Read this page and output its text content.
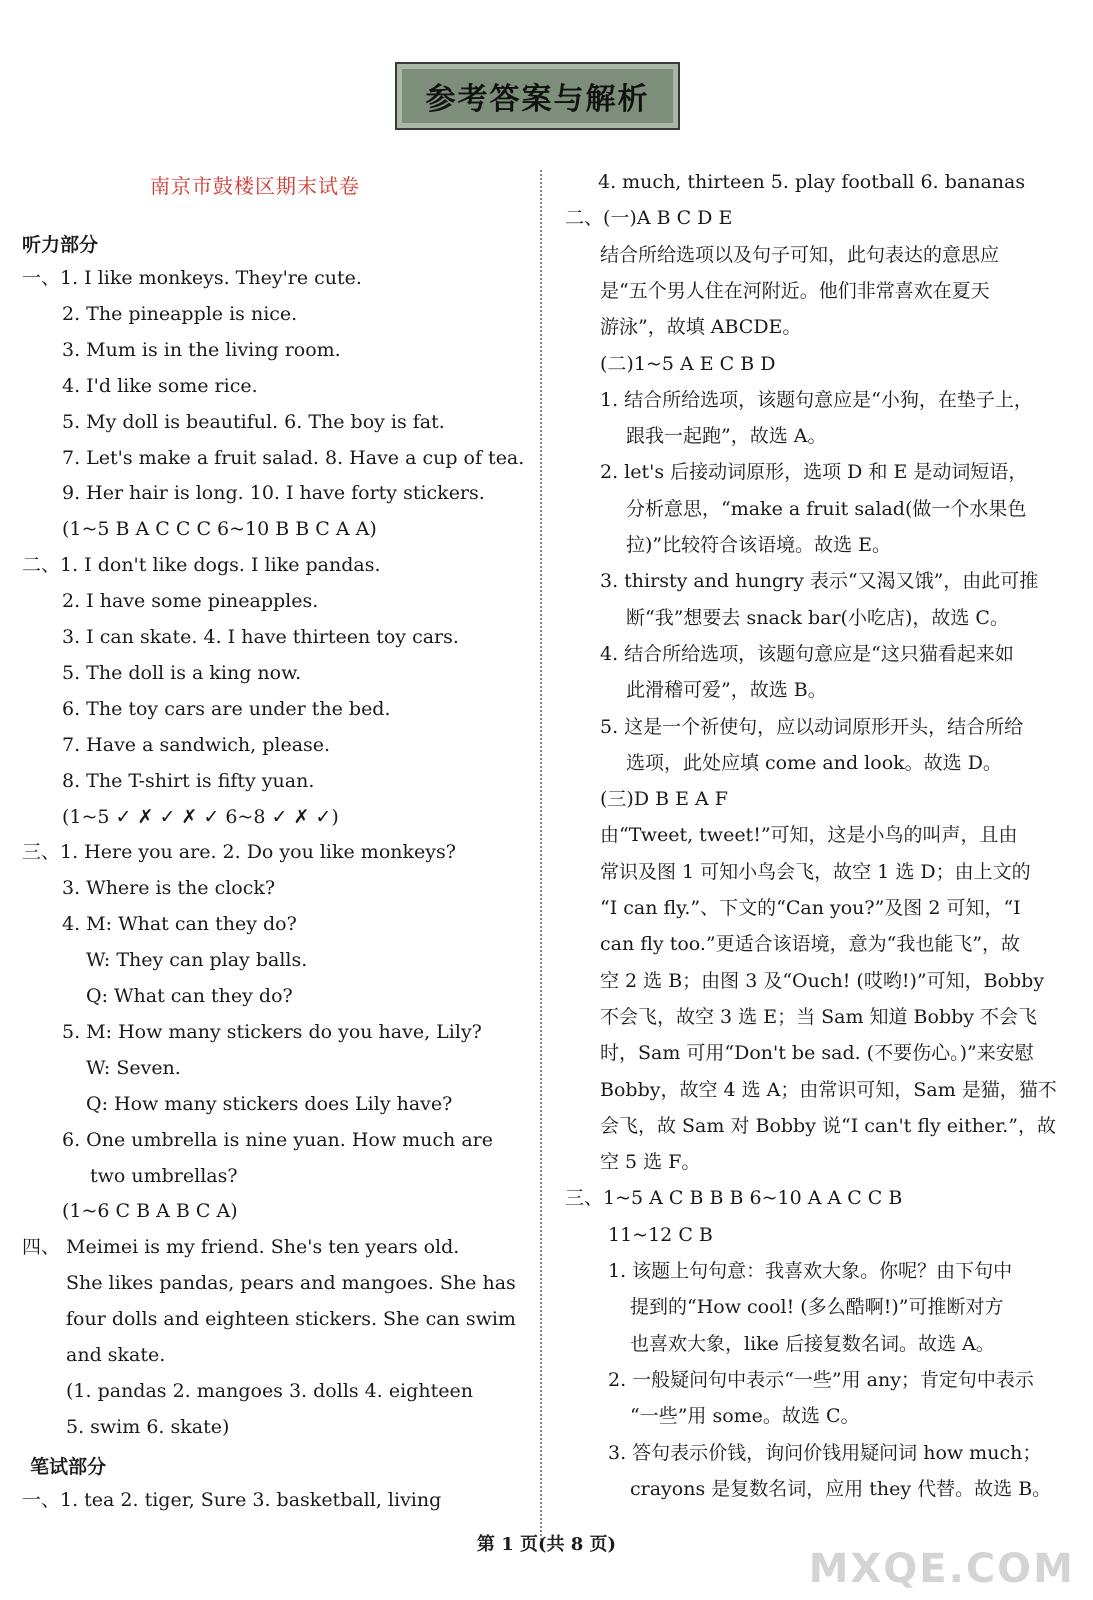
参考答案与解析
南京市鼓楼区期末试卷
听力部分
笔试部分
一、1. tea 2. tiger, Sure 3. basketball, living
一、1. I like monkeys. They're cute.
2. The pineapple is nice.
3. Mum is in the living room.
4. I'd like some rice.
5. My doll is beautiful. 6. The boy is fat.
7. Let's make a fruit salad. 8. Have a cup of tea.
9. Her hair is long. 10. I have forty stickers.
(1~5 B A C C C 6~10 B B C A A)
二、1. I don't like dogs. I like pandas.
2. I have some pineapples.
3. I can skate. 4. I have thirteen toy cars.
5. The doll is a king now.
6. The toy cars are under the bed.
7. Have a sandwich, please.
8. The T-shirt is fifty yuan.
(1~5 ✓ ✗ ✓ ✗ ✓ 6~8 ✓ ✗ ✓)
三、1. Here you are. 2. Do you like monkeys?
3. Where is the clock?
4. M: What can they do?
W: They can play balls.
Q: What can they do?
5. M: How many stickers do you have, Lily?
W: Seven.
Q: How many stickers does Lily have?
6. One umbrella is nine yuan. How much are
two umbrellas?
(1~6 C B A B C A)
四、 Meimei is my friend. She's ten years old.
She likes pandas, pears and mangoes. She has
four dolls and eighteen stickers. She can swim
and skate.
(1. pandas 2. mangoes 3. dolls 4. eighteen
5. swim 6. skate)
4. much, thirteen 5. play football 6. bananas
二、(一)A B C D E
结合所给选项以及句子可知，此句表达的意思应
是“五个男人住在河附近。他们非常喜欢在夏天
游泳”，故填 ABCDE。
(二)1~5 A E C B D
1. 结合所给选项，该题句意应是“小狗，在垫子上，
跟我一起跑”，故选 A。
2. let's 后接动词原形，选项 D 和 E 是动词短语，
分析意思，“make a fruit salad(做一个水果色
拉)”比较符合该语境。故选 E。
3. thirsty and hungry 表示“又渴又饿”，由此可推
断“我”想要去 snack bar(小吃店)，故选 C。
4. 结合所给选项，该题句意应是“这只猫看起来如
此滑稽可爱”，故选 B。
5. 这是一个祈使句，应以动词原形开头，结合所给
选项，此处应填 come and look。故选 D。
(三)D B E A F
由“Tweet, tweet!”可知，这是小鸟的叫声，且由
常识及图 1 可知小鸟会飞，故空 1 选 D；由上文的
“I can fly.”、下文的“Can you?”及图 2 可知，“I
can fly too.”更适合该语境，意为“我也能飞”，故
空 2 选 B；由图 3 及“Ouch! (哎哟!)”可知，Bobby
不会飞，故空 3 选 E；当 Sam 知道 Bobby 不会飞
时，Sam 可用“Don't be sad. (不要伤心。)”来安慰
Bobby，故空 4 选 A；由常识可知，Sam 是猫，猫不
会飞，故 Sam 对 Bobby 说“I can't fly either.”，故
空 5 选 F。
三、1~5 A C B B B 6~10 A A C C B
11~12 C B
1. 该题上句句意：我喜欢大象。你呢？由下句中
提到的“How cool! (多么酷啊!)”可推断对方
也喜欢大象，like 后接复数名词。故选 A。
2. 一般疑问句中表示“一些”用 any；肯定句中表示
“一些”用 some。故选 C。
3. 答句表示价钱，询问价钱用疑问词 how much；
crayons 是复数名词，应用 they 代替。故选 B。
第 1 页(共 8 页)
MXQE.COM
